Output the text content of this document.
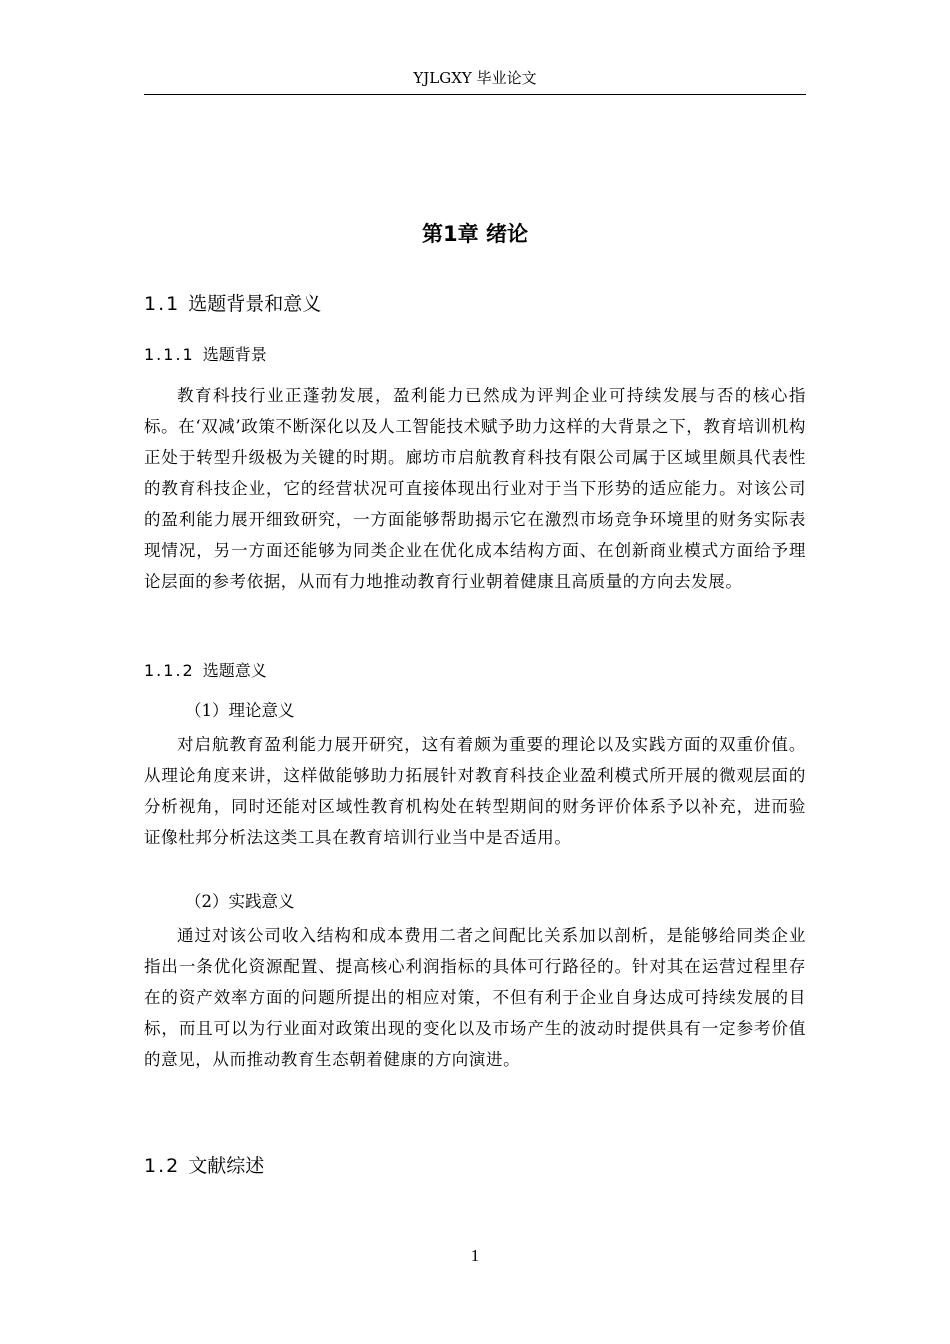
YJLGXY 毕业论文
第1章 绪论
1.1 选题背景和意义
1.1.1 选题背景

教育科技行业正蓬勃发展，盈利能力已然成为评判企业可持续发展与否的核心指标。在‘双减’政策不断深化以及人工智能技术赋予助力这样的大背景之下，教育培训机构正处于转型升级极为关键的时期。廊坊市启航教育科技有限公司属于区域里颇具代表性的教育科技企业，它的经营状况可直接体现出行业对于当下形势的适应能力。对该公司的盈利能力展开细致研究，一方面能够帮助揭示它在激烈市场竞争环境里的财务实际表现情况，另一方面还能够为同类企业在优化成本结构方面、在创新商业模式方面给予理论层面的参考依据，从而有力地推动教育行业朝着健康且高质量的方向去发展。

1.1.2 选题意义
（1）理论意义

对启航教育盈利能力展开研究，这有着颇为重要的理论以及实践方面的双重价值。从理论角度来讲，这样做能够助力拓展针对教育科技企业盈利模式所开展的微观层面的分析视角，同时还能对区域性教育机构处在转型期间的财务评价体系予以补充，进而验证像杜邦分析法这类工具在教育培训行业当中是否适用。

（2）实践意义

通过对该公司收入结构和成本费用二者之间配比关系加以剖析，是能够给同类企业指出一条优化资源配置、提高核心利润指标的具体可行路径的。针对其在运营过程里存在的资产效率方面的问题所提出的相应对策，不但有利于企业自身达成可持续发展的目标，而且可以为行业面对政策出现的变化以及市场产生的波动时提供具有一定参考价值的意见，从而推动教育生态朝着健康的方向演进。

1.2 文献综述
1
